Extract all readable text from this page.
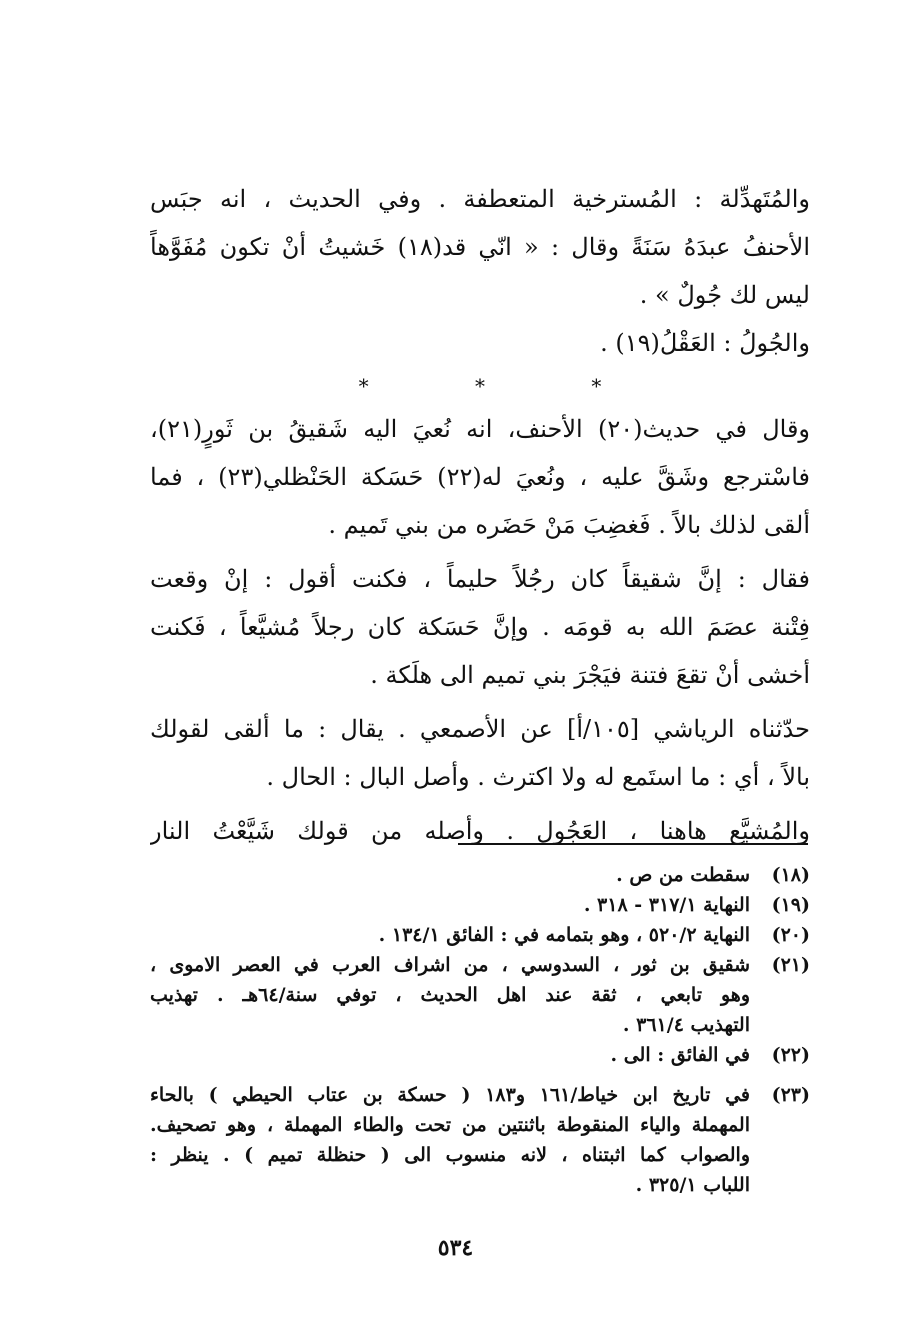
والمُتَهدِّلة : المُسترخية المتعطفة . وفي الحديث ، انه جبَس
الأحنفُ عبدَهُ سَنَةً وقال : « انّي قد(١٨) خَشيتُ أنْ تكون مُفَوَّهاً
ليس لك جُولٌ » .
والجُولُ : العَقْلُ(١٩) .
* * *
وقال في حديث(٢٠) الأحنف، انه نُعيَ اليه شَقيقُ بن ثَورٍ(٢١)،
فاسْترجع وشَقَّ عليه ، ونُعيَ له(٢٢) حَسَكة الحَنْظلي(٢٣) ، فما
ألقى لذلك بالاً . فَغضِبَ مَنْ حَضَره من بني تَميم .
فقال : إنَّ شقيقاً كان رجُلاً حليماً ، فكنت أقول : إنْ وقعت
فِتْنة عصَمَ الله به قومَه . وإنَّ حَسَكة كان رجلاً مُشيَّعاً ، فَكنت
أخشى أنْ تقعَ فتنة فيَجْرَ بني تميم الى هلَكة .
حدّثناه الرياشي [١٠٥/أ] عن الأصمعي . يقال : ما ألقى لقولك
بالاً ، أي : ما استَمع له ولا اكترث . وأصل البال : الحال .
والمُشيَّع هاهنا ، العَجُول . وأصله من قولك شَيَّعْتُ النار
(١٨)
سقطت من ص .
(١٩)
النهاية ٣١٧/١ - ٣١٨ .
(٢٠)
النهاية ٥٢٠/٢ ، وهو بتمامه في : الفائق ١٣٤/١ .
(٢١)
شقيق بن ثور ، السدوسي ، من اشراف العرب في العصر الاموى ،
وهو تابعي ، ثقة عند اهل الحديث ، توفي سنة/٦٤هـ . تهذيب
التهذيب ٣٦١/٤ .
(٢٢)
في الفائق : الى .
(٢٣)
في تاريخ ابن خياط/١٦١ و١٨٣ ( حسكة بن عتاب الحيطي ) بالحاء
المهملة والياء المنقوطة باثنتين من تحت والطاء المهملة ، وهو تصحيف.
والصواب كما اثبتناه ، لانه منسوب الى ( حنظلة تميم ) . ينظر :
اللباب ٣٢٥/١ .
٥٣٤
